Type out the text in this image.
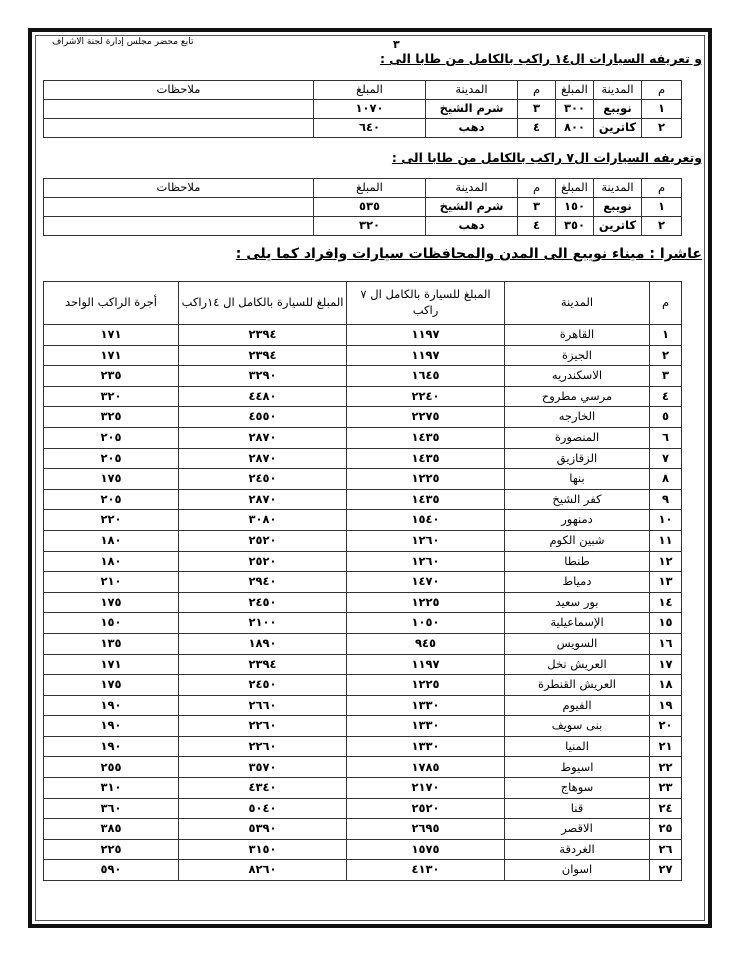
تابع محضر مجلس إدارة لجنة الاشراف	٣
و تعريفه السيارات ال١٤ راكب بالكامل من طابا الى :
م	المدينة	المبلغ	م	المدينة	المبلغ	ملاحظات
١	نويبع	٣٠٠	٣	شرم الشيخ	١٠٧٠	
٢	كاترين	٨٠٠	٤	دهب	٦٤٠	
وتعريفه السيارات ال٧ راكب بالكامل من طابا الى :
م	المدينة	المبلغ	م	المدينة	المبلغ	ملاحظات
١	نويبع	١٥٠	٣	شرم الشيخ	٥٣٥	
٢	كاترين	٣٥٠	٤	دهب	٣٢٠	
عاشرا : ميناء نويبع الى المدن والمحافظات سيارات وافراد كما يلى :
م	المدينة	المبلغ للسيارة بالكامل ال ٧ راكب	المبلغ للسيارة بالكامل ال ١٤راكب	أجرة الراكب الواحد
١	القاهرة	١١٩٧	٢٣٩٤	١٧١
٢	الجيزة	١١٩٧	٢٣٩٤	١٧١
٣	الاسكندريه	١٦٤٥	٣٢٩٠	٢٣٥
٤	مرسي مطروح	٢٢٤٠	٤٤٨٠	٣٢٠
٥	الخارجه	٢٢٧٥	٤٥٥٠	٣٢٥
٦	المنصورة	١٤٣٥	٢٨٧٠	٢٠٥
٧	الزقازيق	١٤٣٥	٢٨٧٠	٢٠٥
٨	بنها	١٢٢٥	٢٤٥٠	١٧٥
٩	كفر الشيخ	١٤٣٥	٢٨٧٠	٢٠٥
١٠	دمنهور	١٥٤٠	٣٠٨٠	٢٢٠
١١	شبين الكوم	١٢٦٠	٢٥٢٠	١٨٠
١٢	طنطا	١٢٦٠	٢٥٢٠	١٨٠
١٣	دمياط	١٤٧٠	٢٩٤٠	٢١٠
١٤	بور سعيد	١٢٢٥	٢٤٥٠	١٧٥
١٥	الإسماعيلية	١٠٥٠	٢١٠٠	١٥٠
١٦	السويس	٩٤٥	١٨٩٠	١٣٥
١٧	العريش نخل	١١٩٧	٢٣٩٤	١٧١
١٨	العريش القنطرة	١٢٢٥	٢٤٥٠	١٧٥
١٩	الفيوم	١٣٣٠	٢٦٦٠	١٩٠
٢٠	بنى سويف	١٣٣٠	٢٢٦٠	١٩٠
٢١	المنيا	١٣٣٠	٢٢٦٠	١٩٠
٢٢	اسيوط	١٧٨٥	٣٥٧٠	٢٥٥
٢٣	سوهاج	٢١٧٠	٤٣٤٠	٣١٠
٢٤	قنا	٢٥٢٠	٥٠٤٠	٣٦٠
٢٥	الاقصر	٢٦٩٥	٥٣٩٠	٣٨٥
٢٦	الغردقة	١٥٧٥	٣١٥٠	٢٢٥
٢٧	اسوان	٤١٣٠	٨٢٦٠	٥٩٠
